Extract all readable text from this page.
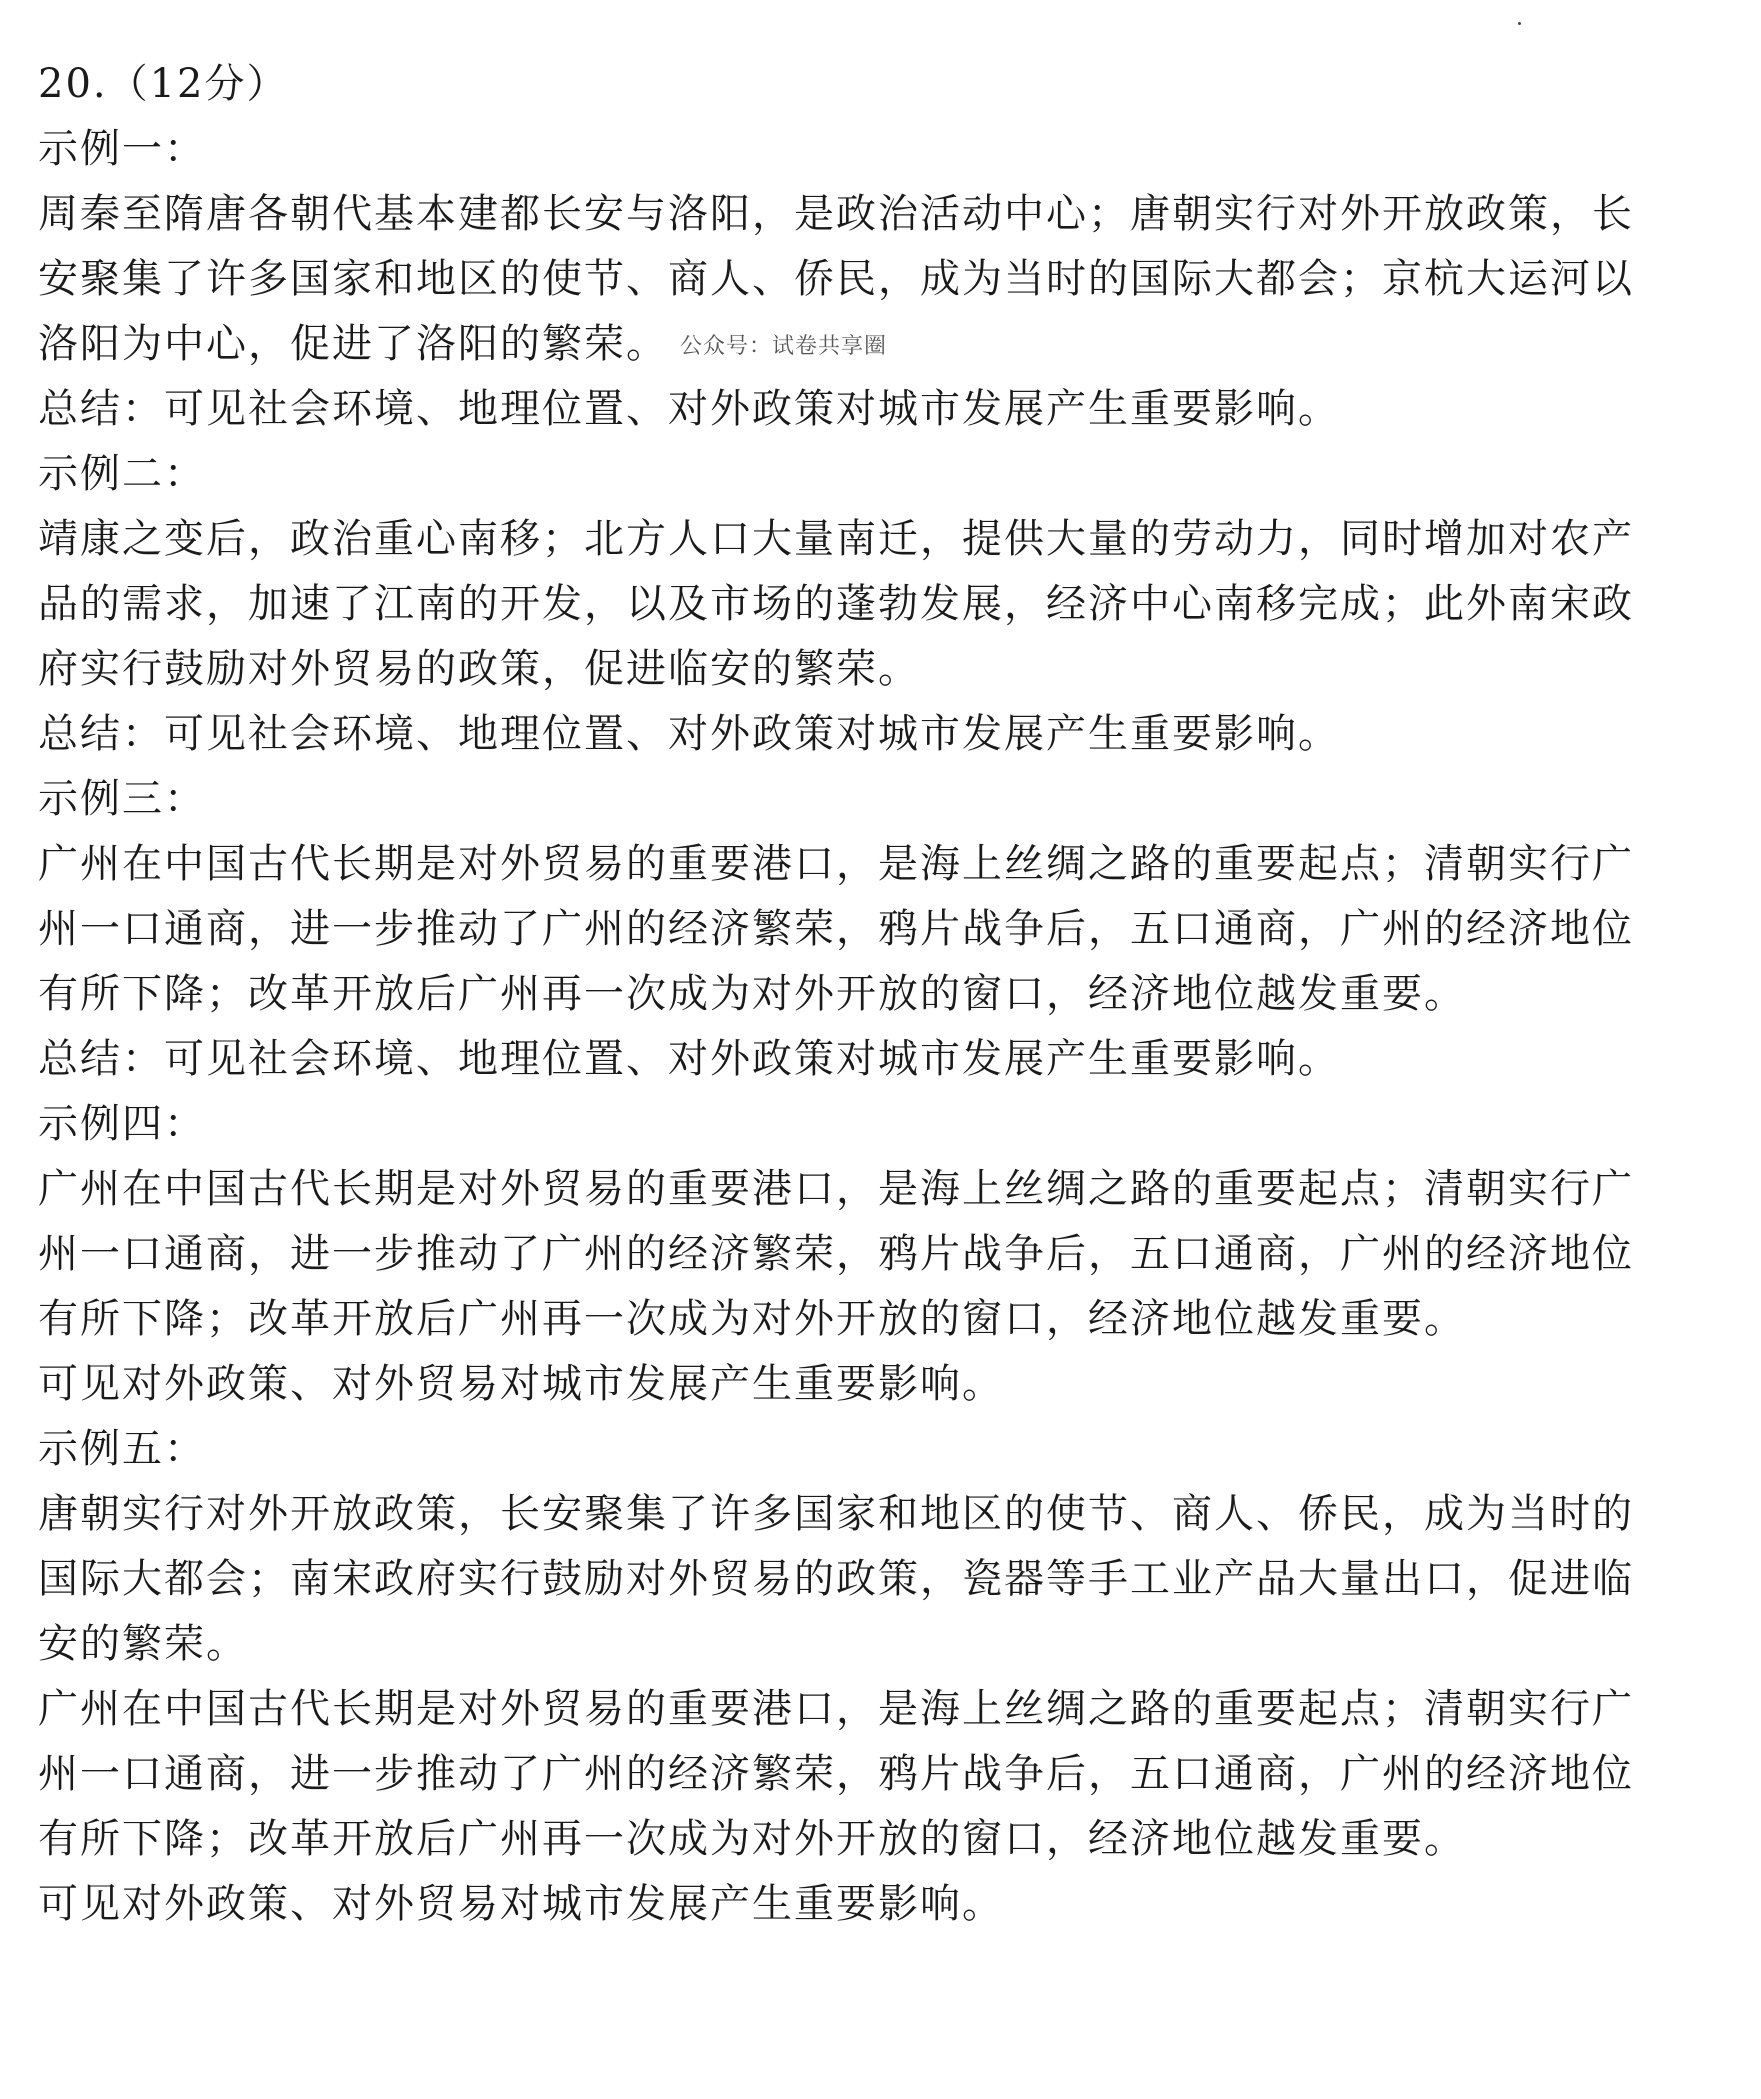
20.（12分）
示例一：
周秦至隋唐各朝代基本建都长安与洛阳，是政治活动中心；唐朝实行对外开放政策，长
安聚集了许多国家和地区的使节、商人、侨民，成为当时的国际大都会；京杭大运河以
洛阳为中心，促进了洛阳的繁荣。 公众号：试卷共享圈
总结：可见社会环境、地理位置、对外政策对城市发展产生重要影响。
示例二：
靖康之变后，政治重心南移；北方人口大量南迁，提供大量的劳动力，同时增加对农产
品的需求，加速了江南的开发，以及市场的蓬勃发展，经济中心南移完成；此外南宋政
府实行鼓励对外贸易的政策，促进临安的繁荣。
总结：可见社会环境、地理位置、对外政策对城市发展产生重要影响。
示例三：
广州在中国古代长期是对外贸易的重要港口，是海上丝绸之路的重要起点；清朝实行广
州一口通商，进一步推动了广州的经济繁荣，鸦片战争后，五口通商，广州的经济地位
有所下降；改革开放后广州再一次成为对外开放的窗口，经济地位越发重要。
总结：可见社会环境、地理位置、对外政策对城市发展产生重要影响。
示例四：
广州在中国古代长期是对外贸易的重要港口，是海上丝绸之路的重要起点；清朝实行广
州一口通商，进一步推动了广州的经济繁荣，鸦片战争后，五口通商，广州的经济地位
有所下降；改革开放后广州再一次成为对外开放的窗口，经济地位越发重要。
可见对外政策、对外贸易对城市发展产生重要影响。
示例五：
唐朝实行对外开放政策，长安聚集了许多国家和地区的使节、商人、侨民，成为当时的
国际大都会；南宋政府实行鼓励对外贸易的政策，瓷器等手工业产品大量出口，促进临
安的繁荣。
广州在中国古代长期是对外贸易的重要港口，是海上丝绸之路的重要起点；清朝实行广
州一口通商，进一步推动了广州的经济繁荣，鸦片战争后，五口通商，广州的经济地位
有所下降；改革开放后广州再一次成为对外开放的窗口，经济地位越发重要。
可见对外政策、对外贸易对城市发展产生重要影响。
